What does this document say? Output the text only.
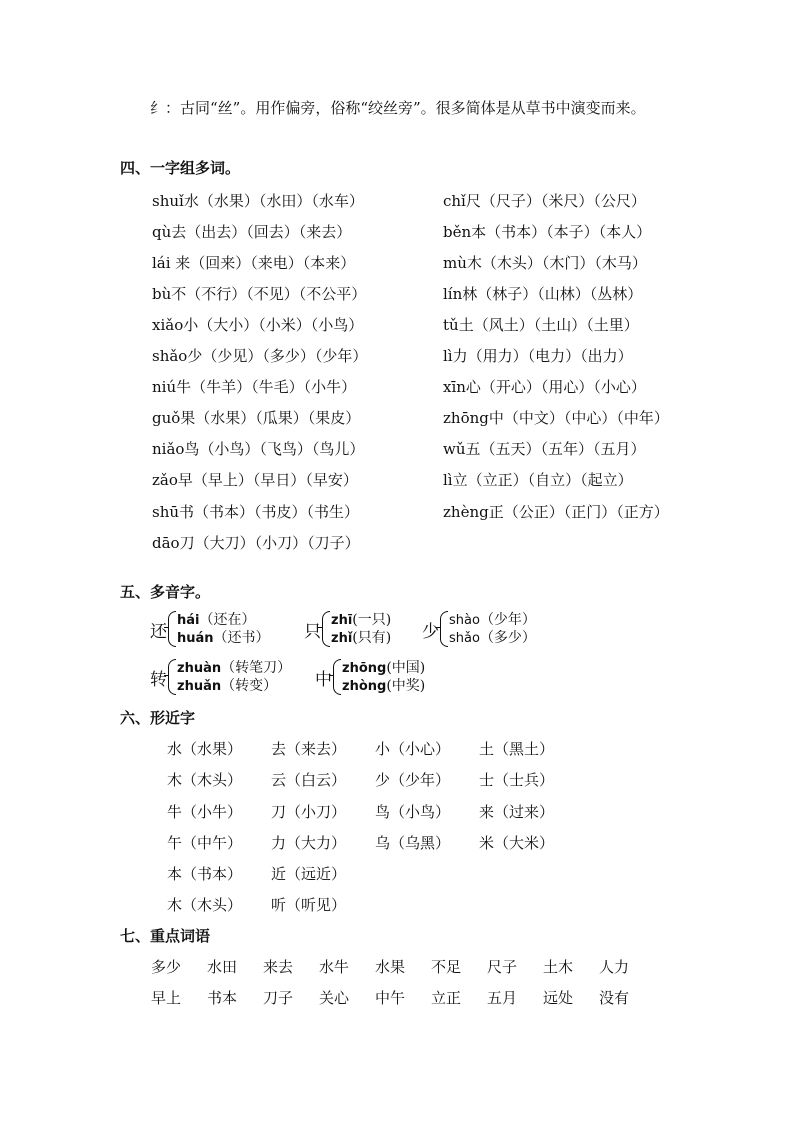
纟：古同“丝”。用作偏旁，俗称“绞丝旁”。很多简体是从草书中演变而来。
四、一字组多词。
shuǐ水（水果）（水田）（水车）
qù去（出去）（回去）（来去）
lái 来（回来）（来电）（本来）
bù不（不行）（不见）（不公平）
xiǎo小（大小）（小米）（小鸟）
shǎo少（少见）（多少）（少年）
niú牛（牛羊）（牛毛）（小牛）
guǒ果（水果）（瓜果）（果皮）
niǎo鸟（小鸟）（飞鸟）（鸟儿）
zǎo早（早上）（早日）（早安）
shū书（书本）（书皮）（书生）
dāo刀（大刀）（小刀）（刀子）
chǐ尺（尺子）（米尺）（公尺）
běn本（书本）（本子）（本人）
mù木（木头）（木门）（木马）
lín林（林子）（山林）（丛林）
tǔ土（风土）（土山）（土里）
lì力（用力）（电力）（出力）
xīn心（开心）（用心）（小心）
zhōng中（中文）（中心）（中年）
wǔ五（五天）（五年）（五月）
lì立（立正）（自立）（起立）
zhèng正（公正）（正门）（正方）
五、多音字。
还
hái（还在）
huán（还书） 只
zhī(一只)
zhǐ(只有) 少
shào（少年）
shǎo（多少）
转
zhuàn（转笔刀）
zhuǎn（转变）	中
zhōng(中国)
zhòng(中奖)
六、形近字
水（水果） 去（来去） 小（小心） 土（黑土）
木（木头） 云（白云） 少（少年） 士（士兵）
牛（小牛） 刀（小刀） 鸟（小鸟） 来（过来）
午（中午） 力（大力） 乌（乌黑） 米（大米）
本（书本） 近（远近）
木（木头） 听（听见）
七、重点词语
多少 水田 来去 水牛 水果 不足 尺子 土木 人力
早上 书本 刀子 关心 中午 立正 五月 远处 没有
